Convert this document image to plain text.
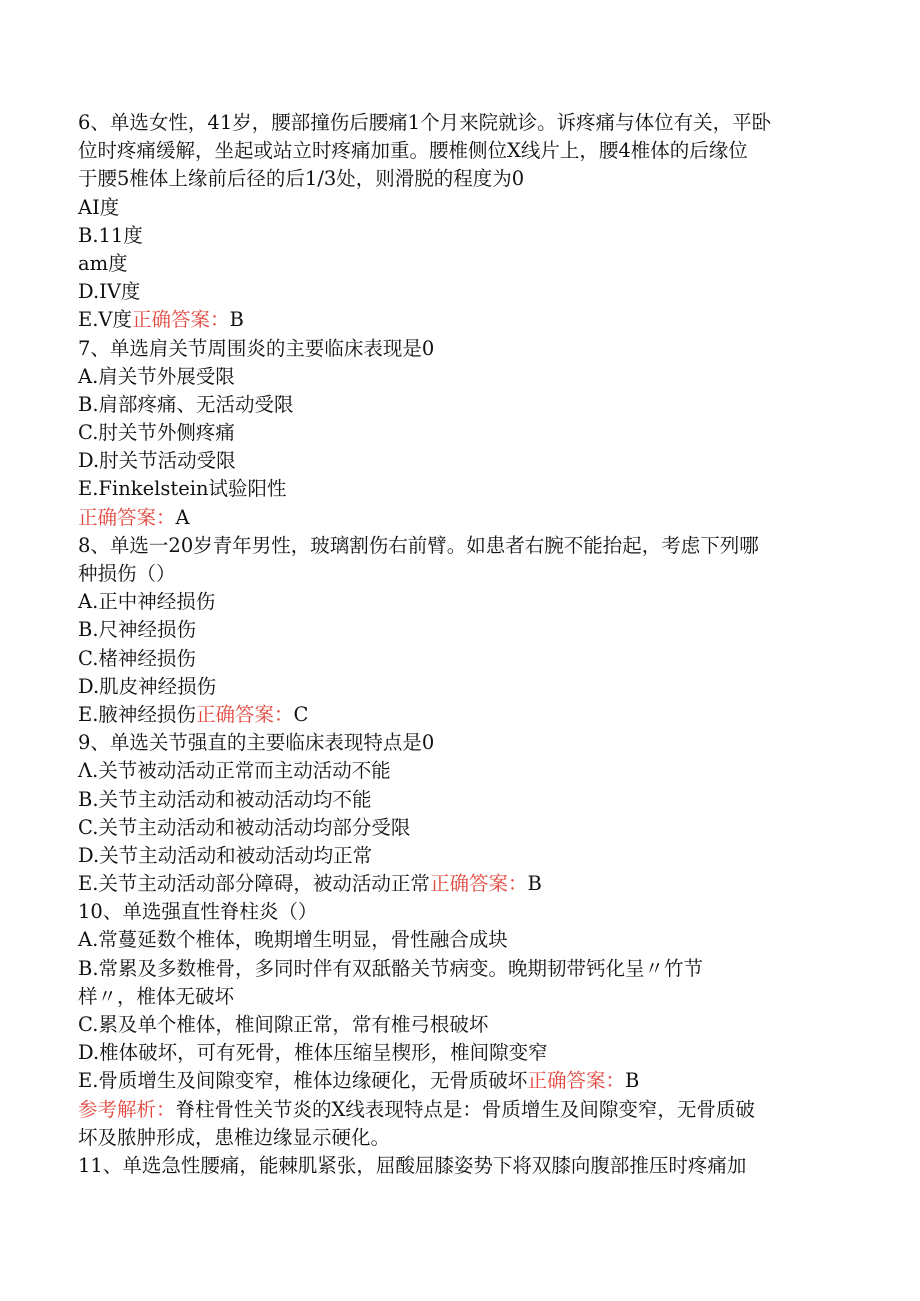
6、单选女性，41岁，腰部撞伤后腰痛1个月来院就诊。诉疼痛与体位有关，平卧
位时疼痛缓解，坐起或站立时疼痛加重。腰椎侧位X线片上，腰4椎体的后缘位
于腰5椎体上缘前后径的后1/3处，则滑脱的程度为0
AI度
B.11度
am度
D.IV度
E.V度正确答案：B
7、单选肩关节周围炎的主要临床表现是0
A.肩关节外展受限
B.肩部疼痛、无活动受限
C.肘关节外侧疼痛
D.肘关节活动受限
E.Finkelstein试验阳性
正确答案：A
8、单选一20岁青年男性，玻璃割伤右前臂。如患者右腕不能抬起，考虑下列哪
种损伤（）
A.正中神经损伤
B.尺神经损伤
C.楮神经损伤
D.肌皮神经损伤
E.腋神经损伤正确答案：C
9、单选关节强直的主要临床表现特点是0
Λ.关节被动活动正常而主动活动不能
B.关节主动活动和被动活动均不能
C.关节主动活动和被动活动均部分受限
D.关节主动活动和被动活动均正常
E.关节主动活动部分障碍，被动活动正常正确答案：B
10、单选强直性脊柱炎（）
A.常蔓延数个椎体，晚期增生明显，骨性融合成块
B.常累及多数椎骨，多同时伴有双舐骼关节病变。晚期韧带钙化呈〃竹节
样〃，椎体无破坏
C.累及单个椎体，椎间隙正常，常有椎弓根破坏
D.椎体破坏，可有死骨，椎体压缩呈楔形，椎间隙变窄
E.骨质增生及间隙变窄，椎体边缘硬化，无骨质破坏正确答案：B
参考解析：脊柱骨性关节炎的X线表现特点是：骨质增生及间隙变窄，无骨质破
坏及脓肿形成，患椎边缘显示硬化。
11、单选急性腰痛，能棘肌紧张，屈酸屈膝姿势下将双膝向腹部推压时疼痛加
